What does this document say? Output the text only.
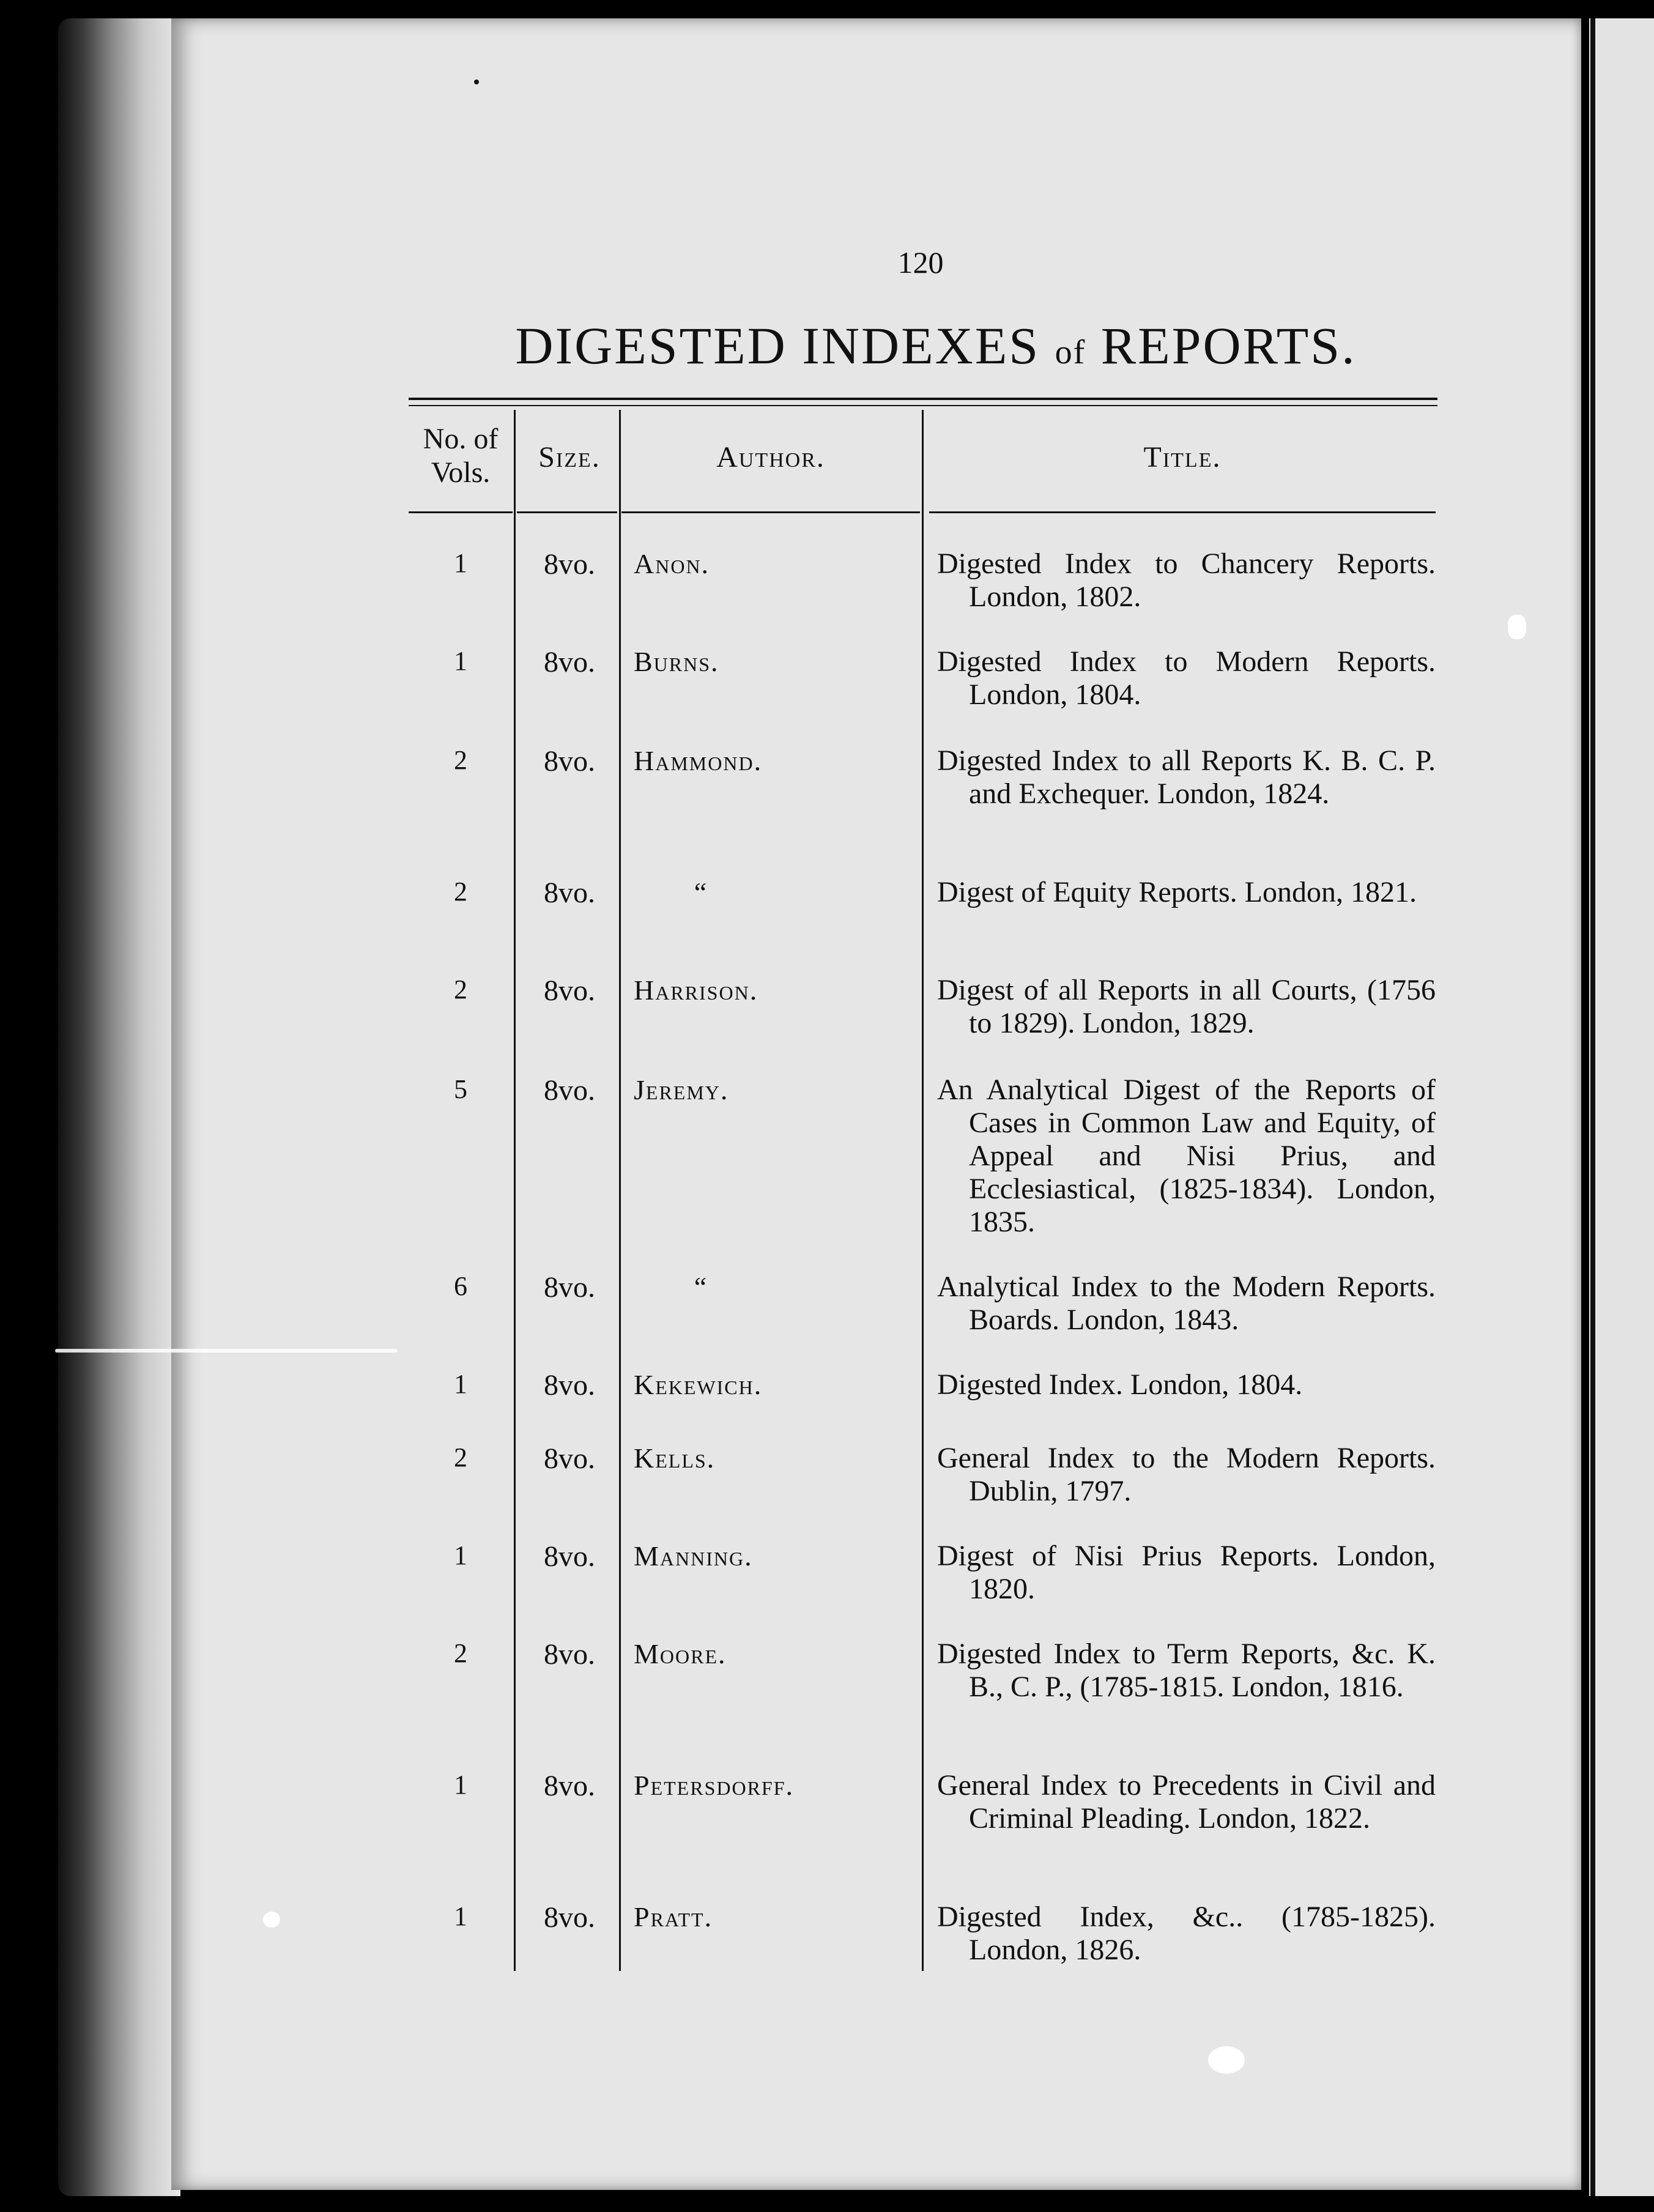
120
DIGESTED INDEXES of REPORTS.
No. of
Vols.	Size.	Author.	Title.
1	8vo.	Anon.	Digested Index to Chancery Reports. London, 1802.
1	8vo.	Burns.	Digested Index to Modern Reports. London, 1804.
2	8vo.	Hammond.	Digested Index to all Reports K. B. C. P. and Exchequer. London, 1824.
2	8vo.	“	Digest of Equity Reports. London, 1821.
2	8vo.	Harrison.	Digest of all Reports in all Courts, (1756 to 1829). London, 1829.
5	8vo.	Jeremy.	An Analytical Digest of the Reports of Cases in Common Law and Equity, of Appeal and Nisi Prius, and Ecclesiastical, (1825-1834). London, 1835.
6	8vo.	“	Analytical Index to the Modern Reports. Boards. London, 1843.
1	8vo.	Kekewich.	Digested Index. London, 1804.
2	8vo.	Kells.	General Index to the Modern Reports. Dublin, 1797.
1	8vo.	Manning.	Digest of Nisi Prius Reports. London, 1820.
2	8vo.	Moore.	Digested Index to Term Reports, &c. K. B., C. P., (1785-1815. London, 1816.
1	8vo.	Petersdorff.	General Index to Precedents in Civil and Criminal Pleading. London, 1822.
1	8vo.	Pratt.	Digested Index, &c.. (1785-1825). London, 1826.
